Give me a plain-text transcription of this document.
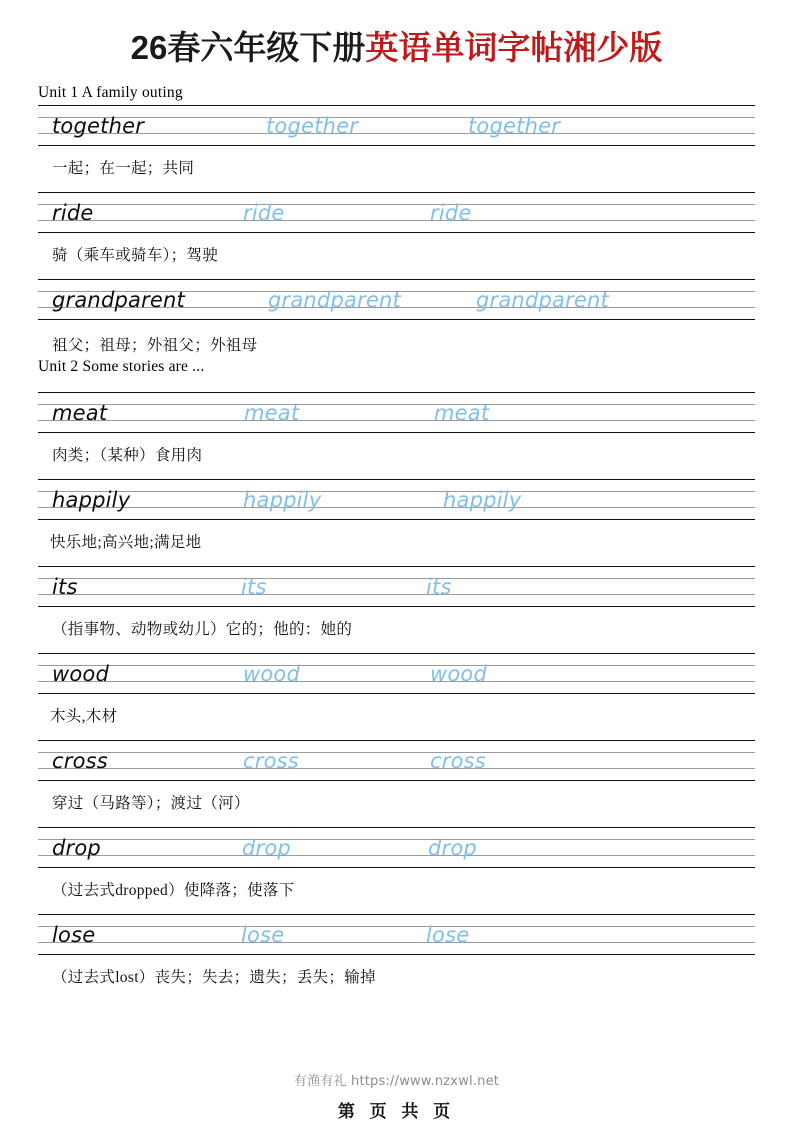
26春六年级下册英语单词字帖湘少版
Unit 1 A family outing
together	together	together
一起；在一起；共同
ride	ride	ride
骑（乘车或骑车）；驾驶
grandparent	grandparent	grandparent
祖父；祖母；外祖父；外祖母
Unit 2 Some stories are ...
meat	meat	meat
肉类；（某种）食用肉
happily	happily	happily
快乐地;高兴地;满足地
its	its	its
（指事物、动物或幼儿）它的；他的：她的
wood	wood	wood
木头,木材
cross	cross	cross
穿过（马路等）；渡过（河）
drop	drop	drop
（过去式dropped）使降落；使落下
lose	lose	lose
（过去式lost）丧失；失去；遗失；丢失；输掉
有渔有礼 https://www.nzxwl.net
第 页 共 页
